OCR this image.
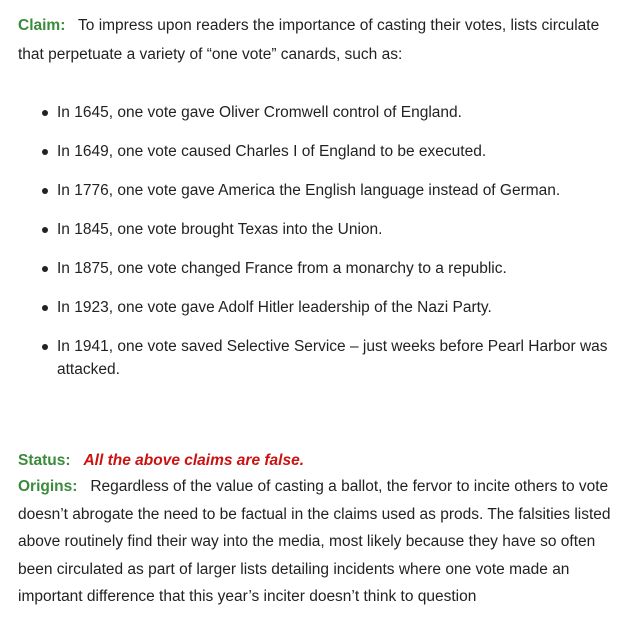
Claim: To impress upon readers the importance of casting their votes, lists circulate that perpetuate a variety of “one vote” canards, such as:

In 1645, one vote gave Oliver Cromwell control of England.
In 1649, one vote caused Charles I of England to be executed.
In 1776, one vote gave America the English language instead of German.
In 1845, one vote brought Texas into the Union.
In 1875, one vote changed France from a monarchy to a republic.
In 1923, one vote gave Adolf Hitler leadership of the Nazi Party.
In 1941, one vote saved Selective Service – just weeks before Pearl Harbor was attacked.

Status: All the above claims are false.

Origins: Regardless of the value of casting a ballot, the fervor to incite others to vote doesn’t abrogate the need to be factual in the claims used as prods. The falsities listed above routinely find their way into the media, most likely because they have so often been circulated as part of larger lists detailing incidents where one vote made an important difference that this year’s inciter doesn’t think to question
